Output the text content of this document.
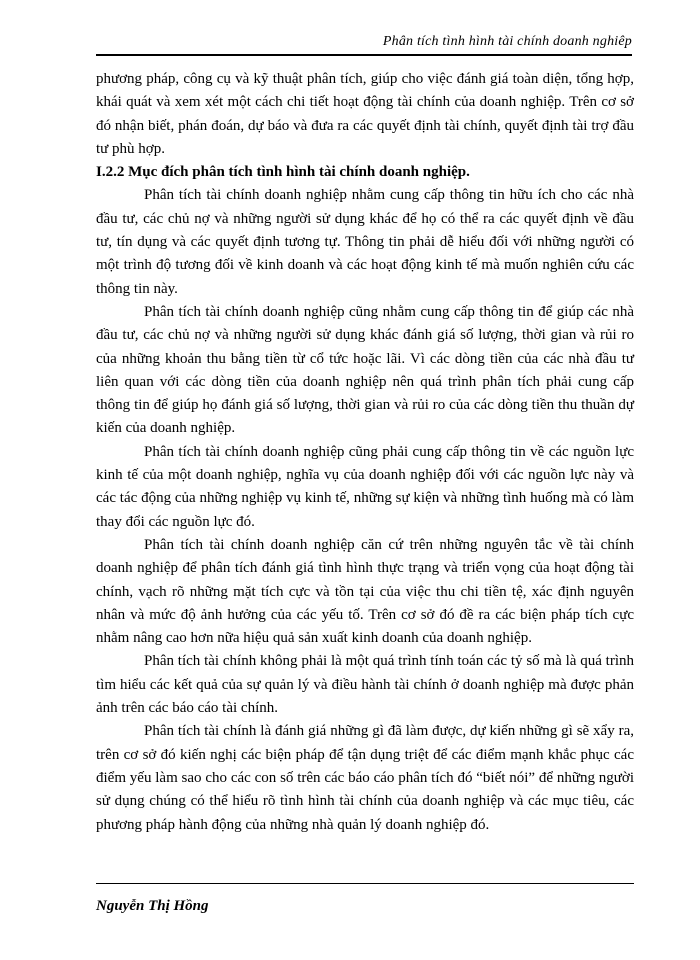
Phân tích tình hình tài chính doanh nghiêp

phương pháp, công cụ và kỹ thuật phân tích, giúp cho việc đánh giá toàn diện, tổng hợp, khái quát và xem xét một cách chi tiết hoạt động tài chính của doanh nghiệp. Trên cơ sở đó nhận biết, phán đoán, dự báo và đưa ra các quyết định tài chính, quyết định tài trợ đầu tư phù hợp.

I.2.2 Mục đích phân tích tình hình tài chính doanh nghiệp.

Phân tích tài chính doanh nghiệp nhằm cung cấp thông tin hữu ích cho các nhà đầu tư, các chủ nợ và những người sử dụng khác để họ có thể ra các quyết định về đầu tư, tín dụng và các quyết định tương tự. Thông tin phải dễ hiểu đối với những người có một trình độ tương đối về kinh doanh và các hoạt động kinh tế mà muốn nghiên cứu các thông tin này.

Phân tích tài chính doanh nghiệp cũng nhằm cung cấp thông tin để giúp các nhà đầu tư, các chủ nợ và những người sử dụng khác đánh giá số lượng, thời gian và rủi ro của những khoản thu bằng tiền từ cổ tức hoặc lãi. Vì các dòng tiền của các nhà đầu tư liên quan với các dòng tiền của doanh nghiệp nên quá trình phân tích phải cung cấp thông tin để giúp họ đánh giá số lượng, thời gian và rủi ro của các dòng tiền thu thuần dự kiến của doanh nghiệp.

Phân tích tài chính doanh nghiệp cũng phải cung cấp thông tin về các nguồn lực kinh tế của một doanh nghiệp, nghĩa vụ của doanh nghiệp đối với các nguồn lực này và các tác động của những nghiệp vụ kinh tế, những sự kiện và những tình huống mà có làm thay đổi các nguồn lực đó.

Phân tích tài chính doanh nghiệp căn cứ trên những nguyên tắc về tài chính doanh nghiệp để phân tích đánh giá tình hình thực trạng và triển vọng của hoạt động tài chính, vạch rõ những mặt tích cực và tồn tại của việc thu chi tiền tệ, xác định nguyên nhân và mức độ ảnh hưởng của các yếu tố. Trên cơ sở đó đề ra các biện pháp tích cực nhằm nâng cao hơn nữa hiệu quả sản xuất kinh doanh của doanh nghiệp.

Phân tích tài chính không phải là một quá trình tính toán các tỷ số mà là quá trình tìm hiểu các kết quả của sự quản lý và điều hành tài chính ở doanh nghiệp mà được phản ảnh trên các báo cáo tài chính.

Phân tích tài chính là đánh giá những gì đã làm được, dự kiến những gì sẽ xẩy ra, trên cơ sở đó kiến nghị các biện pháp để tận dụng triệt để các điểm mạnh khắc phục các điểm yếu làm sao cho các con số trên các báo cáo phân tích đó “biết nói” để những người sử dụng chúng có thể hiểu rõ tình hình tài chính của doanh nghiệp và các mục tiêu, các phương pháp hành động của những nhà quản lý doanh nghiệp đó.

Nguyễn Thị Hồng
